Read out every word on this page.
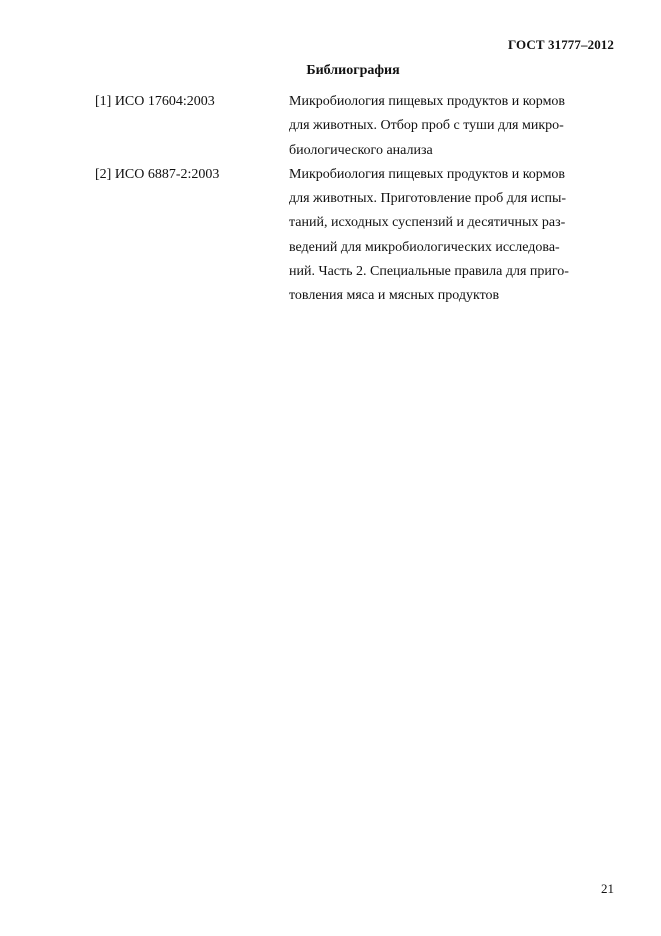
ГОСТ 31777–2012
Библиография
[1] ИСО 17604:2003	Микробиология пищевых продуктов и кормов
для животных. Отбор проб с туши для микро-
биологического анализа
[2] ИСО 6887-2:2003	Микробиология пищевых продуктов и кормов
для животных. Приготовление проб для испы-
таний, исходных суспензий и десятичных раз-
ведений для микробиологических исследова-
ний. Часть 2. Специальные правила для приго-
товления мяса и мясных продуктов
21
